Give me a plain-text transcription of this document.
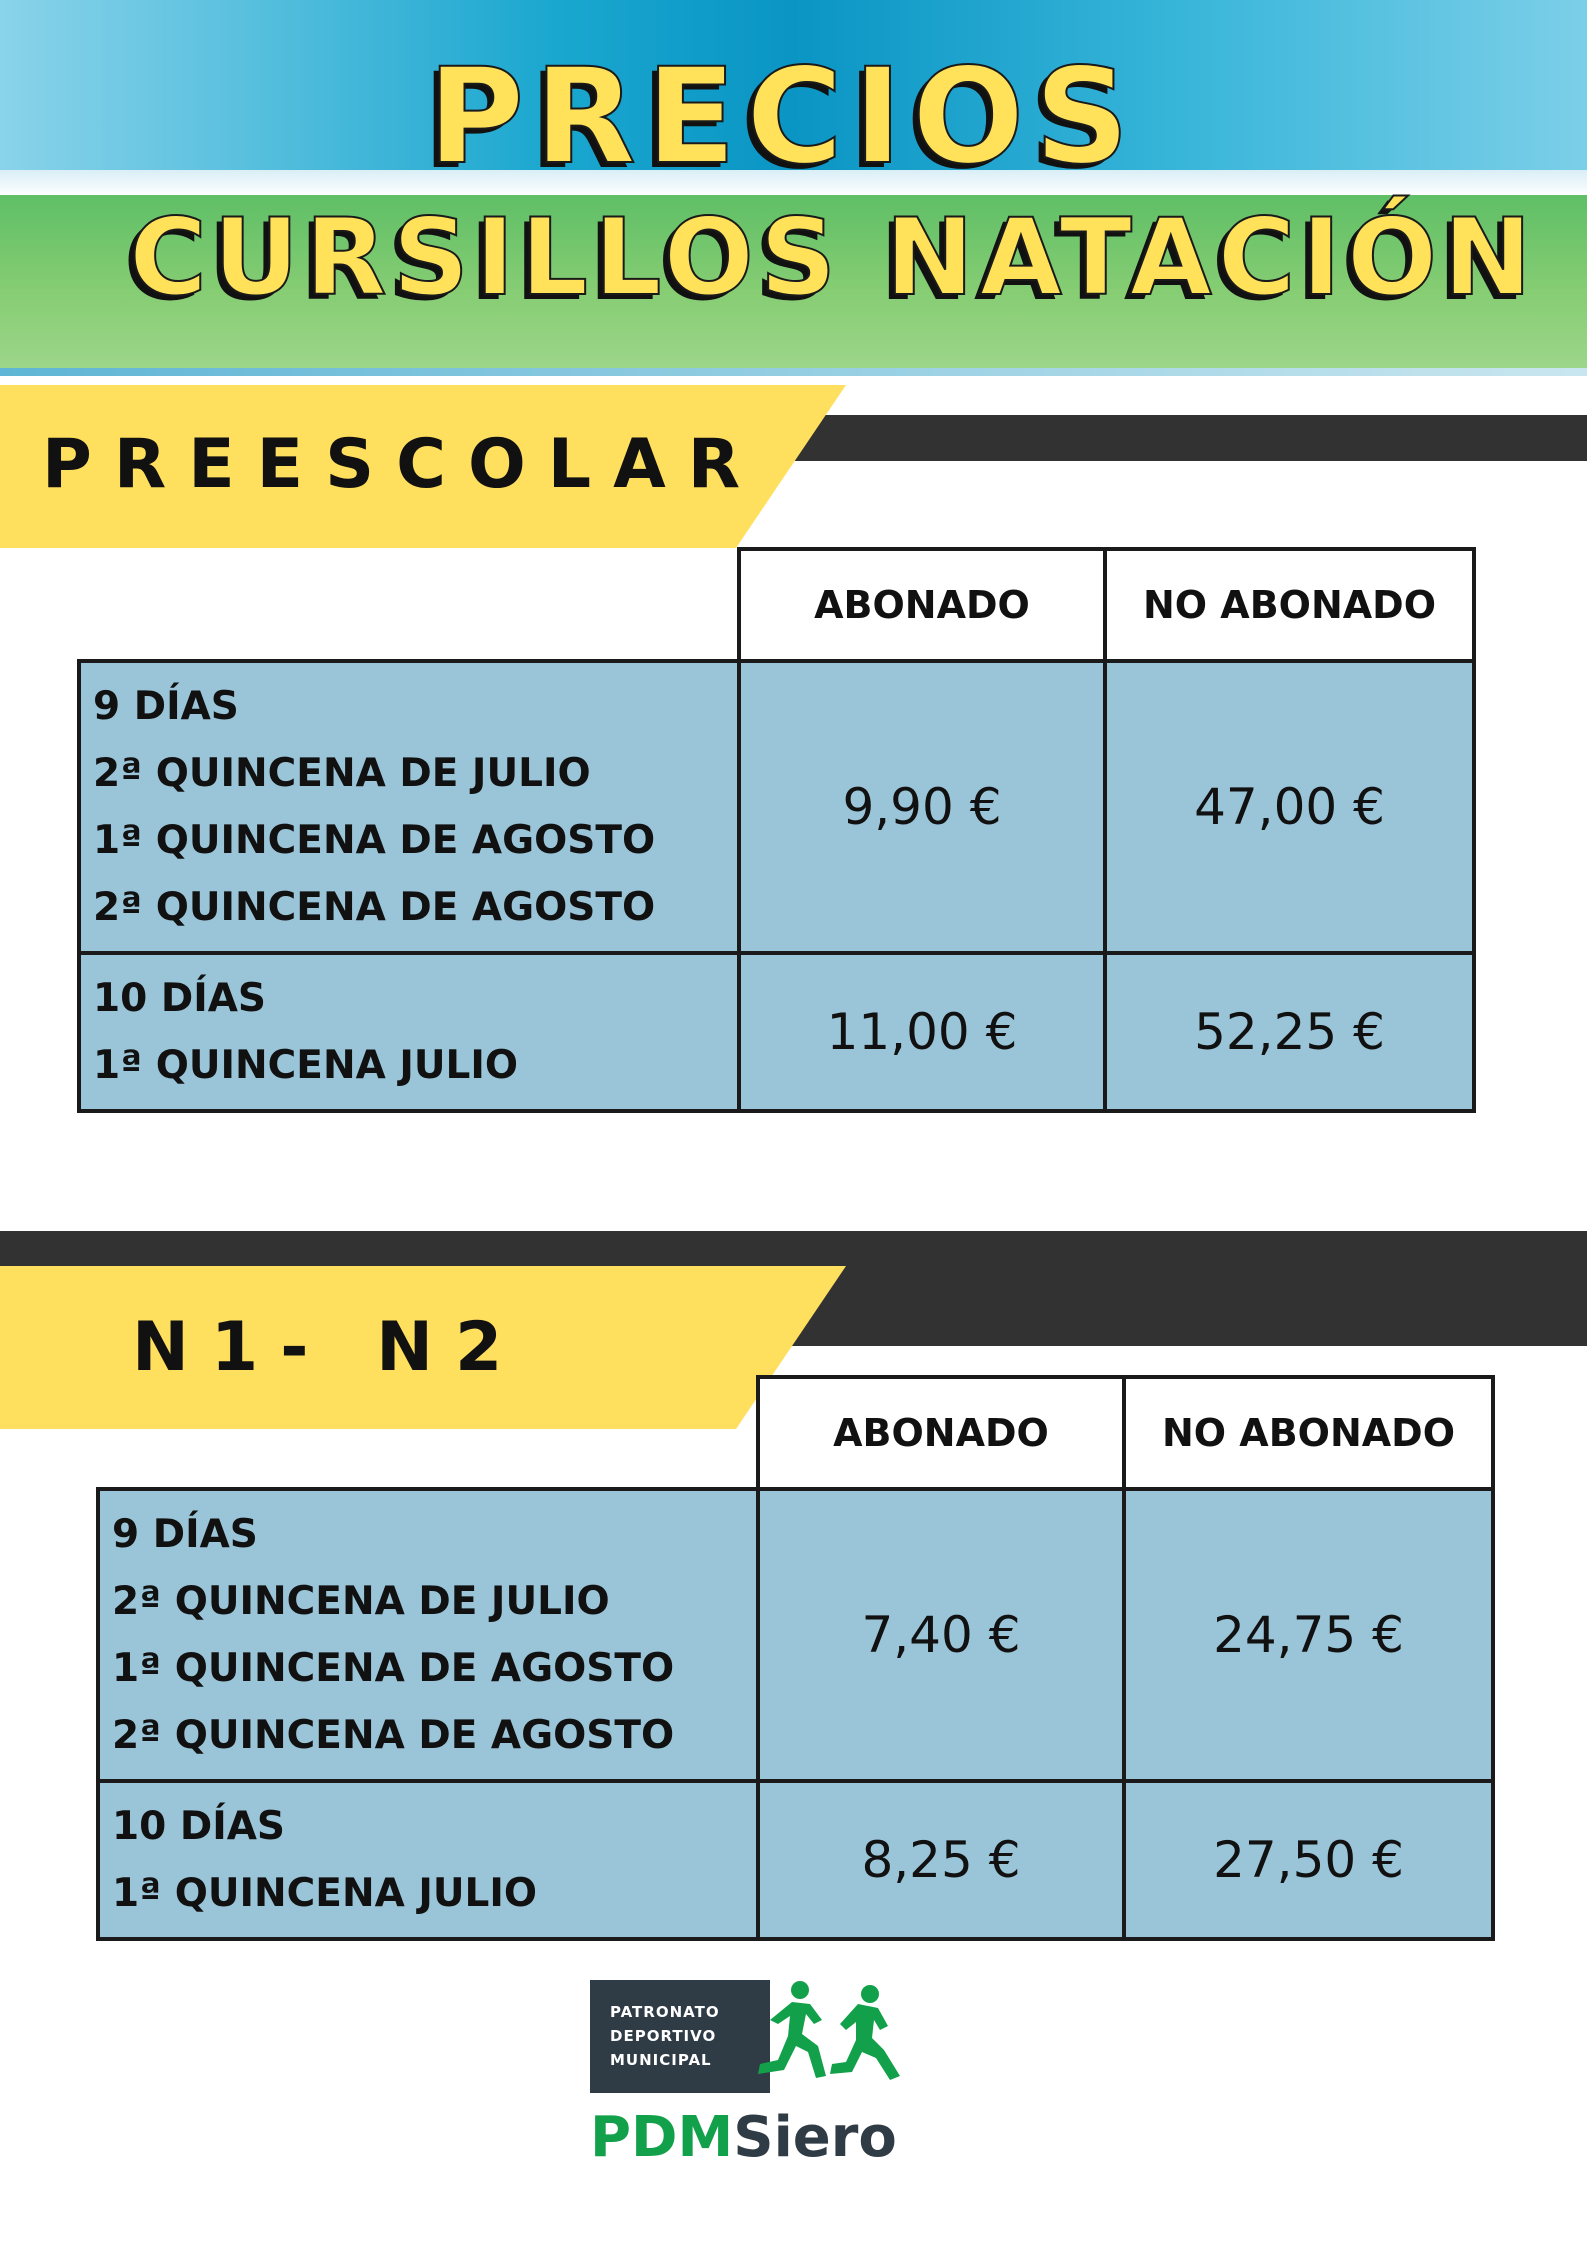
PRECIOS
CURSILLOS NATACIÓN

PREESCOLAR

	ABONADO	NO ABONADO

9 DÍAS
2ª QUINCENA DE JULIO
1ª QUINCENA DE AGOSTO
2ª QUINCENA DE AGOSTO	9,90 €	47,00 €

10 DÍAS
1ª QUINCENA JULIO	11,00 €	52,25 €

N1- N2

	ABONADO	NO ABONADO

9 DÍAS
2ª QUINCENA DE JULIO
1ª QUINCENA DE AGOSTO
2ª QUINCENA DE AGOSTO	7,40 €	24,75 €

10 DÍAS
1ª QUINCENA JULIO	8,25 €	27,50 €
PATRONATO
DEPORTIVO
MUNICIPAL
PDMSiero
